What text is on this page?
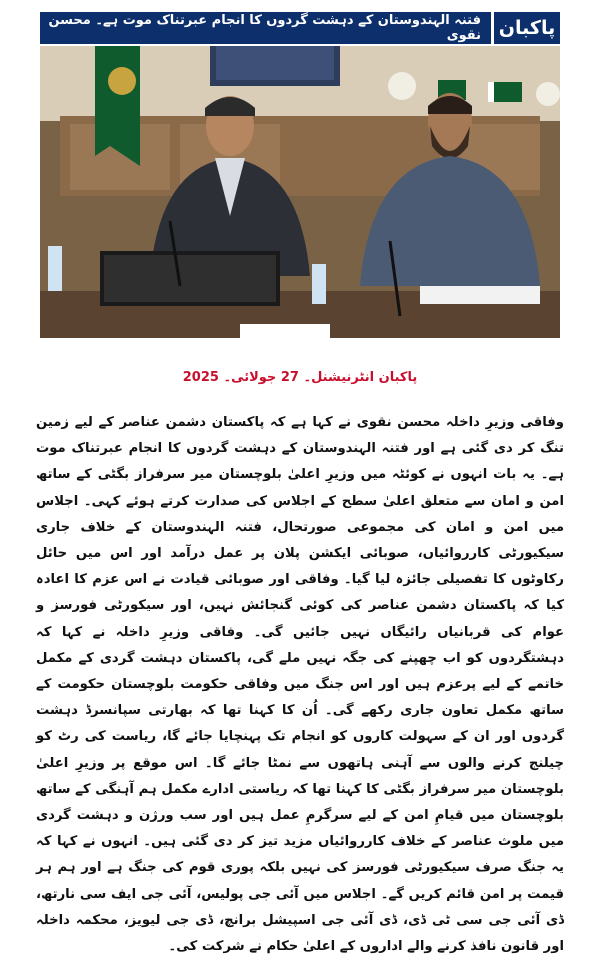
پاکبان
فتنہ الہندوستان کے دہشت گردوں کا انجام عبرتناک موت ہے۔ محسن نقوی
پاکبان انٹرنیشنل۔ 27 جولائی۔ 2025

وفاقی وزیرِ داخلہ محسن نقوی نے کہا ہے کہ پاکستان دشمن عناصر کے لیے زمین تنگ کر دی گئی ہے اور فتنہ الہندوستان کے دہشت گردوں کا انجام عبرتناک موت ہے۔ یہ بات انہوں نے کوئٹہ میں وزیرِ اعلیٰ بلوچستان میر سرفراز بگٹی کے ساتھ امن و امان سے متعلق اعلیٰ سطح کے اجلاس کی صدارت کرتے ہوئے کہی۔ اجلاس میں امن و امان کی مجموعی صورتحال، فتنہ الہندوستان کے خلاف جاری سیکیورٹی کارروائیاں، صوبائی ایکشن پلان پر عمل درآمد اور اس میں حائل رکاوٹوں کا تفصیلی جائزہ لیا گیا۔ وفاقی اور صوبائی قیادت نے اس عزم کا اعادہ کیا کہ پاکستان دشمن عناصر کی کوئی گنجائش نہیں، اور سیکورٹی فورسز و عوام کی قربانیاں رائیگاں نہیں جائیں گی۔ وفاقی وزیرِ داخلہ نے کہا کہ دہشتگردوں کو اب چھپنے کی جگہ نہیں ملے گی، پاکستان دہشت گردی کے مکمل خاتمے کے لیے پرعزم ہیں اور اس جنگ میں وفاقی حکومت بلوچستان حکومت کے ساتھ مکمل تعاون جاری رکھے گی۔ اُن کا کہنا تھا کہ بھارتی سپانسرڈ دہشت گردوں اور ان کے سہولت کاروں کو انجام تک پہنچایا جائے گا، ریاست کی رٹ کو چیلنج کرنے والوں سے آہنی ہاتھوں سے نمٹا جائے گا۔ اس موقع پر وزیرِ اعلیٰ بلوچستان میر سرفراز بگٹی کا کہنا تھا کہ ریاستی ادارے مکمل ہم آہنگی کے ساتھ بلوچستان میں قیامِ امن کے لیے سرگرمِ عمل ہیں اور سب ورژن و دہشت گردی میں ملوث عناصر کے خلاف کارروائیاں مزید تیز کر دی گئی ہیں۔ انہوں نے کہا کہ یہ جنگ صرف سیکیورٹی فورسز کی نہیں بلکہ پوری قوم کی جنگ ہے اور ہم ہر قیمت پر امن قائم کریں گے۔ اجلاس میں آئی جی پولیس، آئی جی ایف سی نارتھ، ڈی آئی جی سی ٹی ڈی، ڈی آئی جی اسپیشل برانچ، ڈی جی لیویز، محکمہ داخلہ اور قانون نافذ کرنے والے اداروں کے اعلیٰ حکام نے شرکت کی۔
